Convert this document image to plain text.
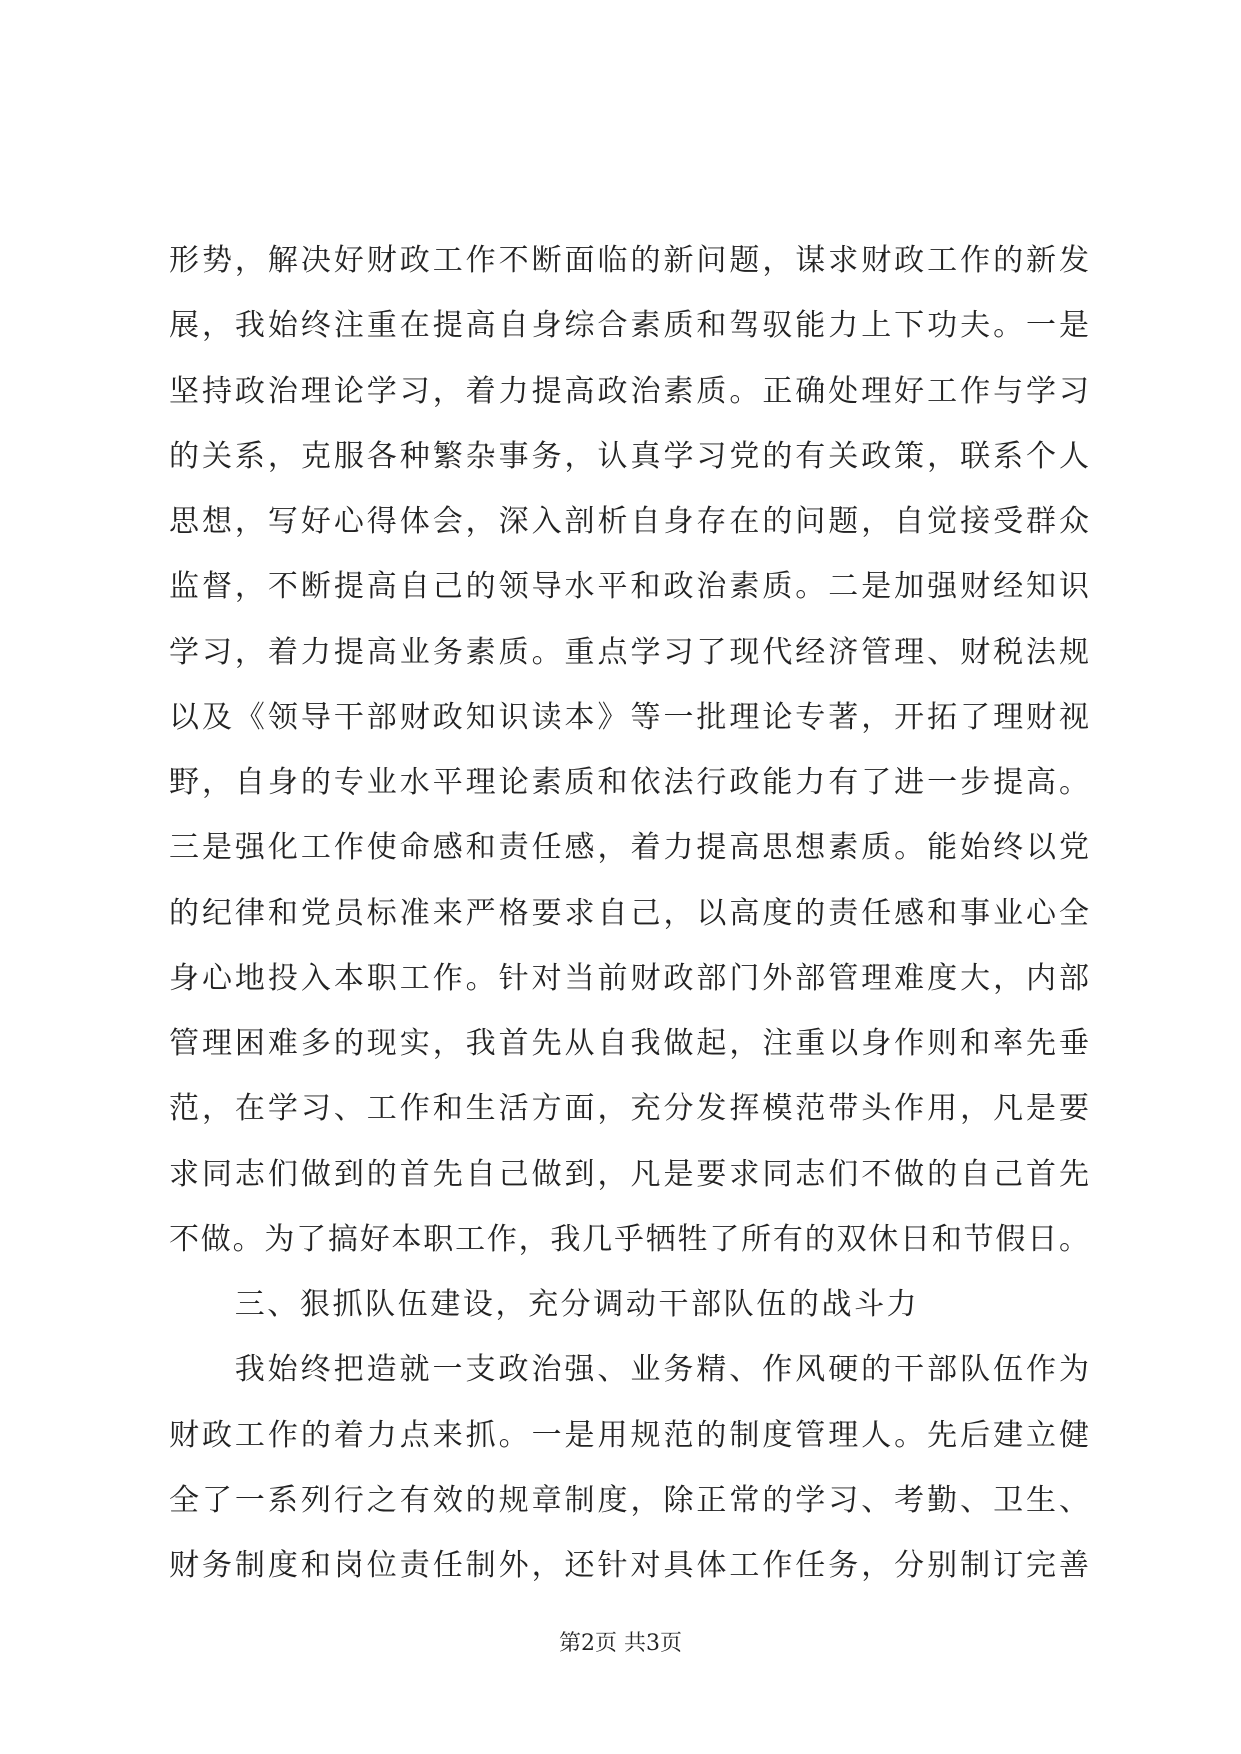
形势，解决好财政工作不断面临的新问题，谋求财政工作的新发
展，我始终注重在提高自身综合素质和驾驭能力上下功夫。一是
坚持政治理论学习，着力提高政治素质。正确处理好工作与学习
的关系，克服各种繁杂事务，认真学习党的有关政策，联系个人
思想，写好心得体会，深入剖析自身存在的问题，自觉接受群众
监督，不断提高自己的领导水平和政治素质。二是加强财经知识
学习，着力提高业务素质。重点学习了现代经济管理、财税法规
以及《领导干部财政知识读本》等一批理论专著，开拓了理财视
野，自身的专业水平理论素质和依法行政能力有了进一步提高。
三是强化工作使命感和责任感，着力提高思想素质。能始终以党
的纪律和党员标准来严格要求自己，以高度的责任感和事业心全
身心地投入本职工作。针对当前财政部门外部管理难度大，内部
管理困难多的现实，我首先从自我做起，注重以身作则和率先垂
范，在学习、工作和生活方面，充分发挥模范带头作用，凡是要
求同志们做到的首先自己做到，凡是要求同志们不做的自己首先
不做。为了搞好本职工作，我几乎牺牲了所有的双休日和节假日。
三、狠抓队伍建设，充分调动干部队伍的战斗力
我始终把造就一支政治强、业务精、作风硬的干部队伍作为
财政工作的着力点来抓。一是用规范的制度管理人。先后建立健
全了一系列行之有效的规章制度，除正常的学习、考勤、卫生、
财务制度和岗位责任制外，还针对具体工作任务，分别制订完善
第2页 共3页
